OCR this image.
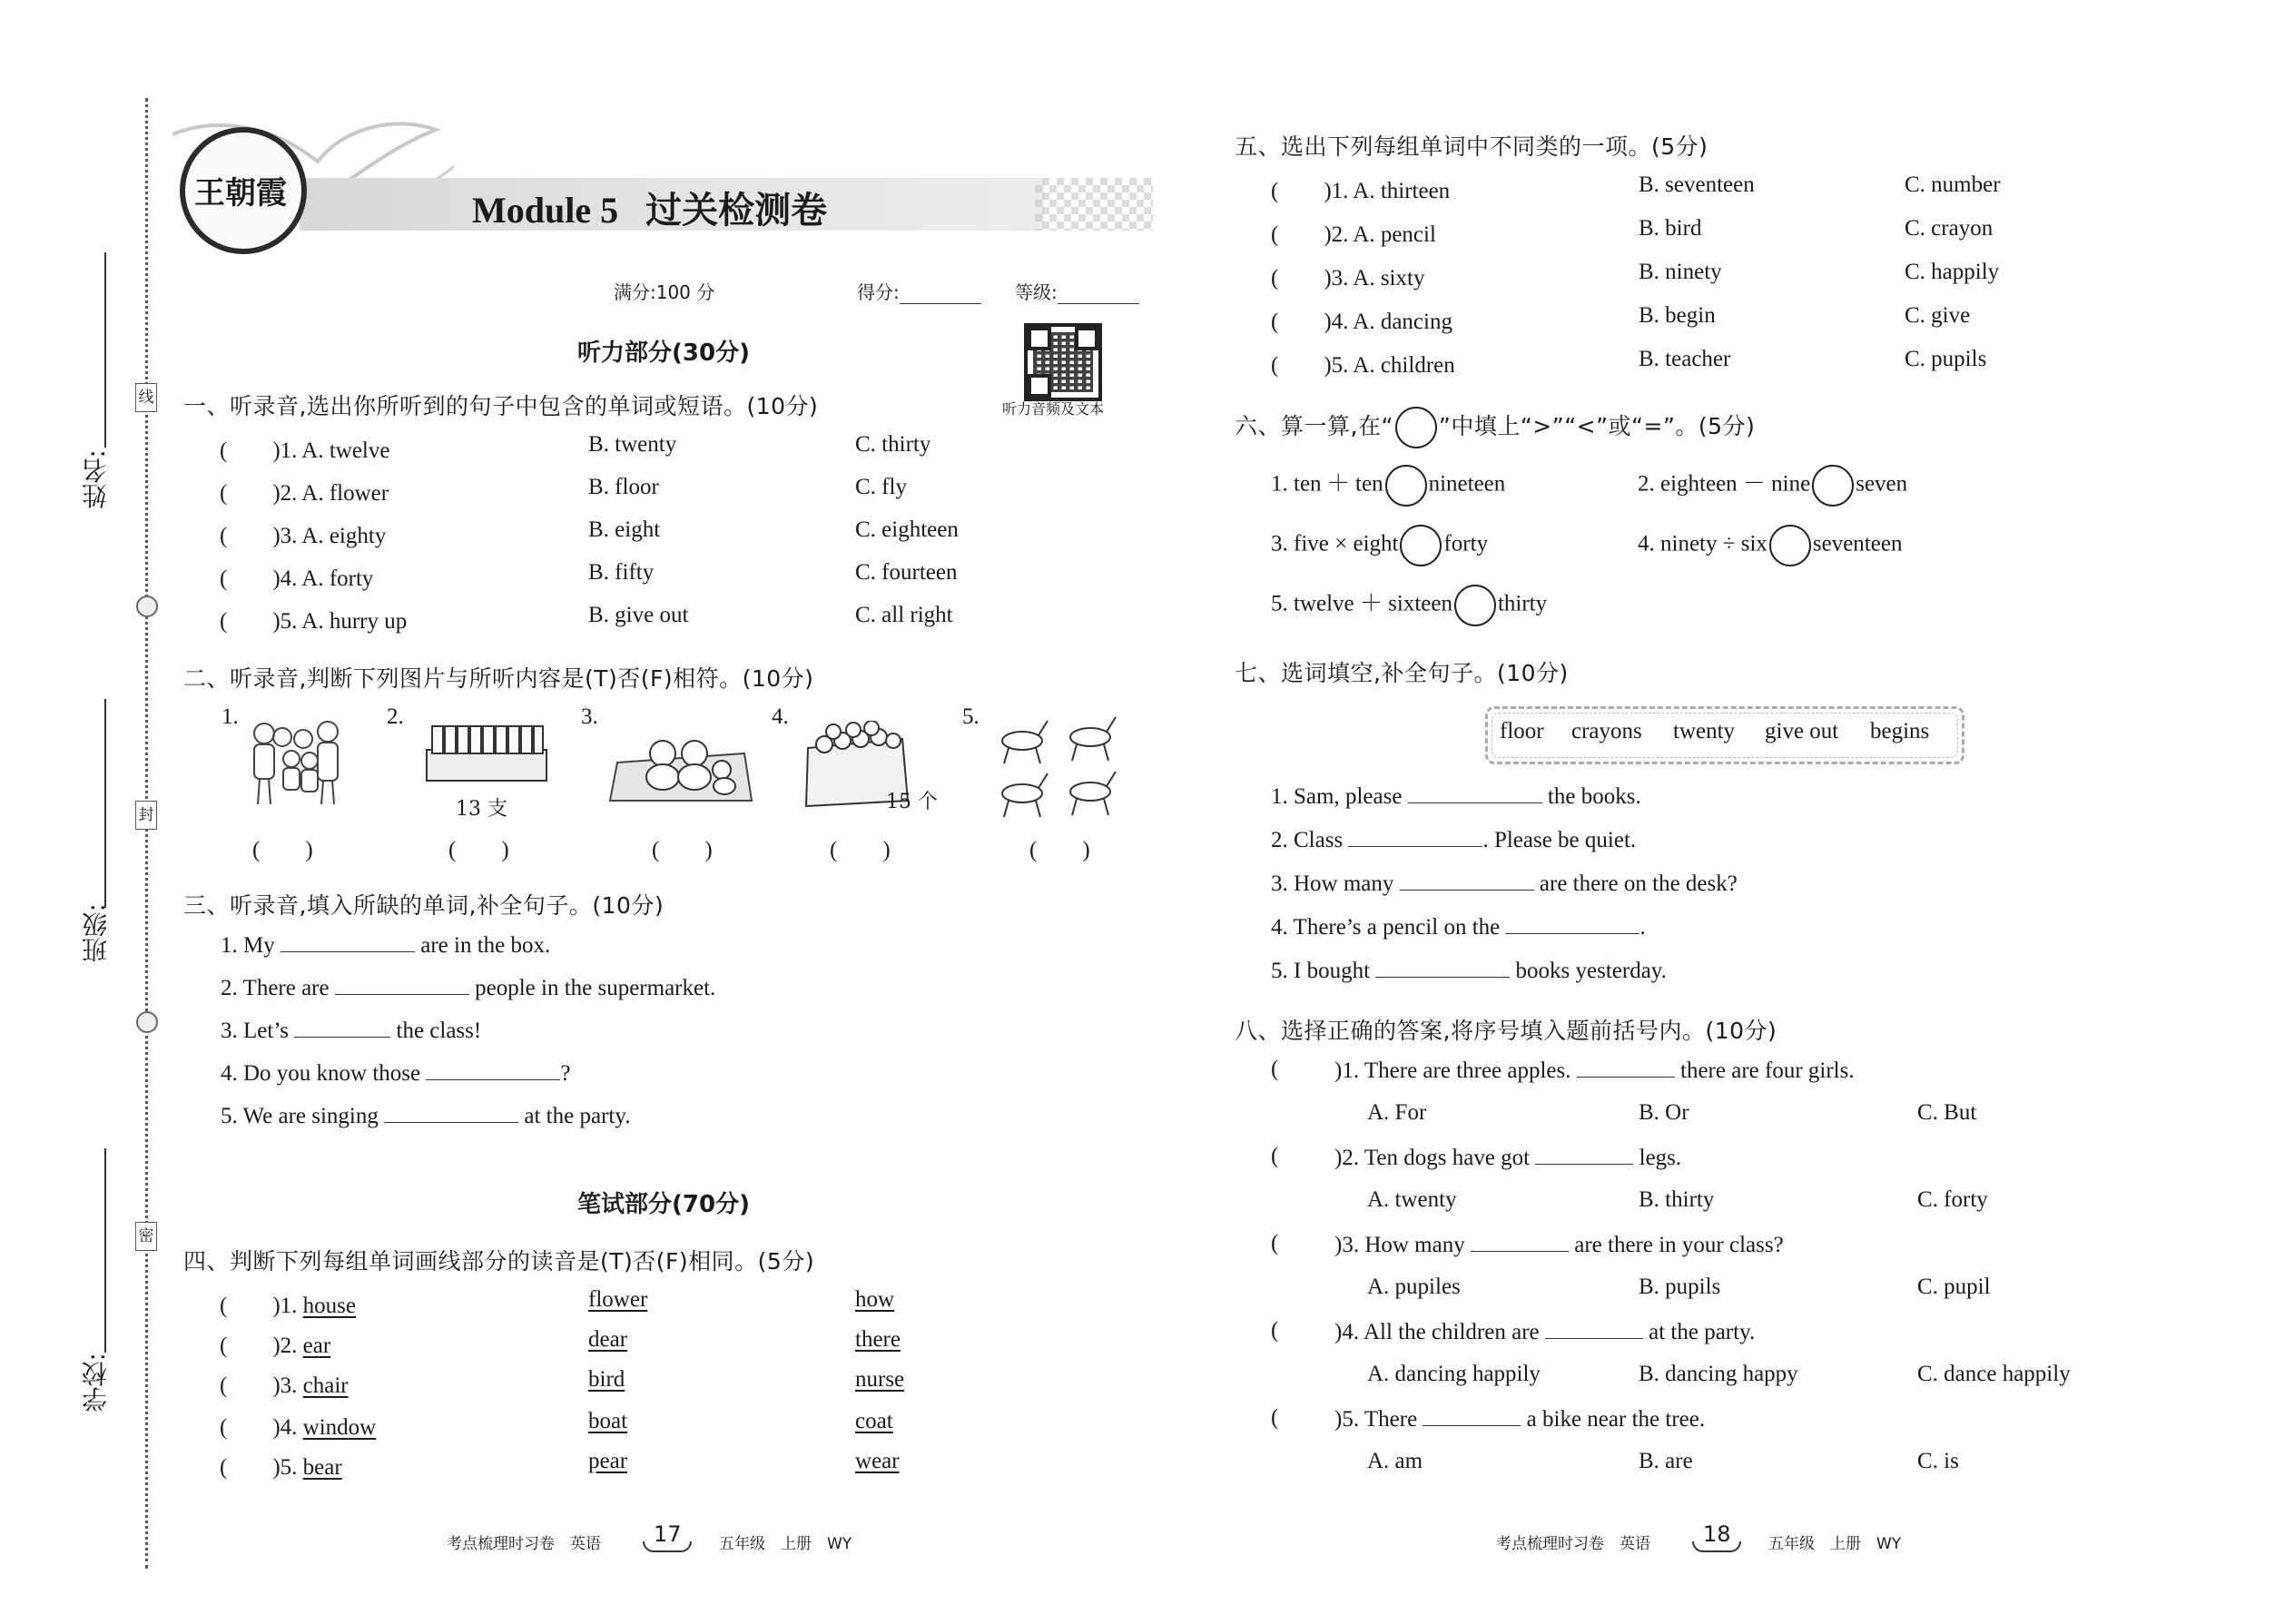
线
封
密
姓名:
班级:
学校:
王朝霞	Module 5   过关检测卷
满分:100 分	得分:	等级:
听力音频及文本
听力部分(30分)
一、听录音,选出你所听到的句子中包含的单词或短语。(10分)
(　　)1. A. twelve	B. twenty	C. thirty
(　　)2. A. flower	B. floor	C. fly
(　　)3. A. eighty	B. eight	C. eighteen
(　　)4. A. forty	B. fifty	C. fourteen
(　　)5. A. hurry up	B. give out	C. all right
二、听录音,判断下列图片与所听内容是(T)否(F)相符。(10分)
1.	2.
13 支
3.	4.
15 个
5.
(　　)	(　　)	(　　)	(　　)	(　　)
三、听录音,填入所缺的单词,补全句子。(10分)
1. My	are in the box.
2. There are	people in the supermarket.
3. Let’s	the class!
4. Do you know those	?
5. We are singing	at the party.
笔试部分(70分)
四、判断下列每组单词画线部分的读音是(T)否(F)相同。(5分)
(　　)1. house	flower	how
(　　)2. ear	dear	there
(　　)3. chair	bird	nurse
(　　)4. window	boat	coat
(　　)5. bear	pear	wear
五、选出下列每组单词中不同类的一项。(5分)
(　　)1. A. thirteen	B. seventeen	C. number
(　　)2. A. pencil	B. bird	C. crayon
(　　)3. A. sixty	B. ninety	C. happily
(　　)4. A. dancing	B. begin	C. give
(　　)5. A. children	B. teacher	C. pupils
六、算一算,在“ ”中填上“>”“<”或“=”。(5分)
1. ten ＋ ten nineteen	2. eighteen － nine seven
3. five × eight forty	4. ninety ÷ six seventeen
5. twelve ＋ sixteen thirty
七、选词填空,补全句子。(10分)
floor crayons twenty give out begins
1. Sam, please	the books.
2. Class	. Please be quiet.
3. How many	are there on the desk?
4. There’s a pencil on the	.
5. I bought	books yesterday.
八、选择正确的答案,将序号填入题前括号内。(10分)
( )1. There are three apples.	there are four girls.
A. For	B. Or	C. But
( )2. Ten dogs have got	legs.
A. twenty	B. thirty	C. forty
( )3. How many	are there in your class?
A. pupiles	B. pupils	C. pupil
( )4. All the children are	at the party.
A. dancing happily	B. dancing happy	C. dance happily
( )5. There	a bike near the tree.
A. am	B. are	C. is
考点梳理时习卷　英语 17 五年级　上册　WY	考点梳理时习卷　英语 18 五年级　上册　WY
